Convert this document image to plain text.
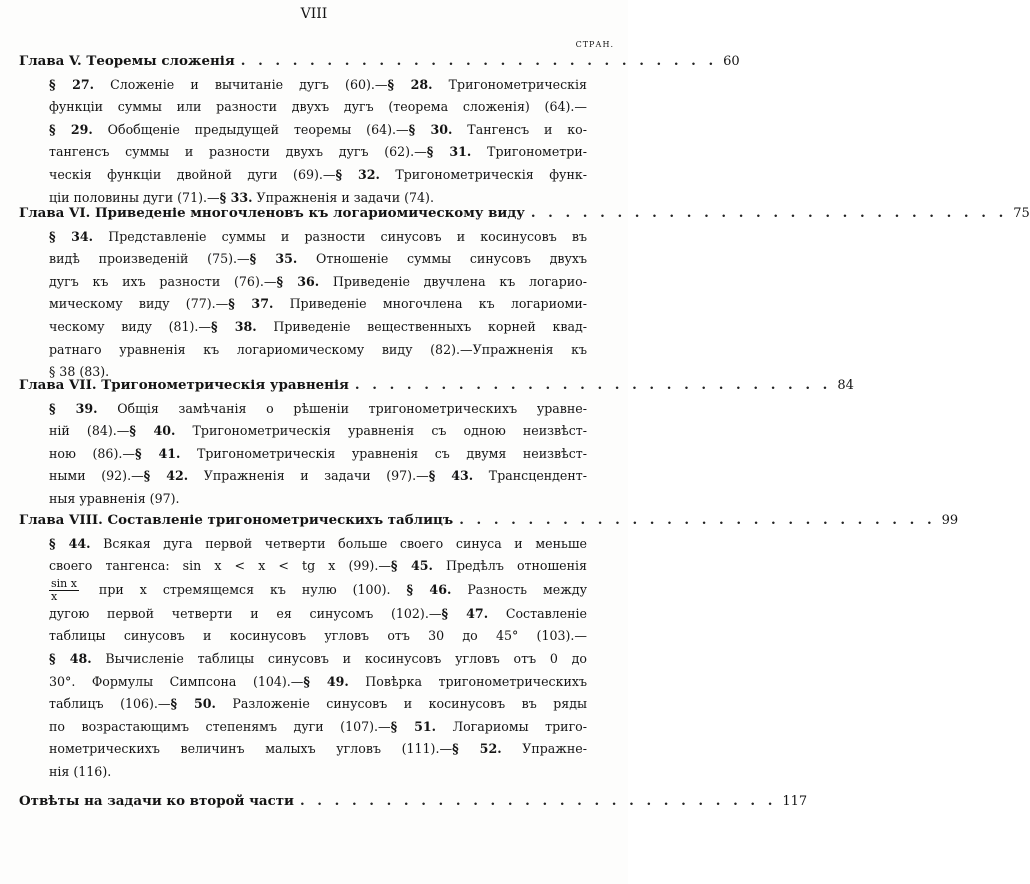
VIII
СТРАН.
Глава V. Теоремы сложенія . . . . . . . . . . . . . . . . . . . . . . . . . . . . 60
§ 27. Сложеніе и вычитаніе дугъ (60).—§ 28. Тригонометрическія
функціи суммы или разности двухъ дугъ (теорема сложенія) (64).—
§ 29. Обобщеніе предыдущей теоремы (64).—§ 30. Тангенсъ и ко-
тангенсъ суммы и разности двухъ дугъ (62).—§ 31. Тригонометри-
ческія функціи двойной дуги (69).—§ 32. Тригонометрическія функ-
ціи половины дуги (71).—§ 33. Упражненія и задачи (74).
Глава VI. Приведеніе многочленовъ къ логариомическому виду . . . . . . . . . . . . . . . . . . . . . . . . . . . . 75
§ 34. Представленіе суммы и разности синусовъ и косинусовъ въ
видѣ произведеній (75).—§ 35. Отношеніе суммы синусовъ двухъ
дугъ къ ихъ разности (76).—§ 36. Приведеніе двучлена къ логарио-
мическому виду (77).—§ 37. Приведеніе многочлена къ логариоми-
ческому виду (81).—§ 38. Приведеніе вещественныхъ корней квад-
ратнаго уравненія къ логариомическому виду (82).—Упражненія къ
§ 38 (83).
Глава VII. Тригонометрическія уравненія . . . . . . . . . . . . . . . . . . . . . . . . . . . . 84
§ 39. Общія замѣчанія о рѣшеніи тригонометрическихъ уравне-
ній (84).—§ 40. Тригонометрическія уравненія съ одною неизвѣст-
ною (86).—§ 41. Тригонометрическія уравненія съ двумя неизвѣст-
ными (92).—§ 42. Упражненія и задачи (97).—§ 43. Трансцендент-
ныя уравненія (97).
Глава VIII. Составленіе тригонометрическихъ таблицъ . . . . . . . . . . . . . . . . . . . . . . . . . . . . 99
§ 44. Всякая дуга первой четверти больше своего синуса и меньше
своего тангенса: sin x < x < tg x (99).—§ 45. Предѣлъ отношенія
$\frac{\text{sin x}}{x}$ при x стремящемся къ нулю (100). § 46. Разность между
дугою первой четверти и ея синусомъ (102).—§ 47. Составленіе
таблицы синусовъ и косинусовъ угловъ отъ 30 до 45° (103).—
§ 48. Вычисленіе таблицы синусовъ и косинусовъ угловъ отъ 0 до
30°. Формулы Симпсона (104).—§ 49. Повѣрка тригонометрическихъ
таблицъ (106).—§ 50. Разложеніе синусовъ и косинусовъ въ ряды
по возрастающимъ степенямъ дуги (107).—§ 51. Логариомы триго-
нометрическихъ величинъ малыхъ угловъ (111).—§ 52. Упражне-
нія (116).
Отвѣты на задачи ко второй части . . . . . . . . . . . . . . . . . . . . . . . . . . . . 117
